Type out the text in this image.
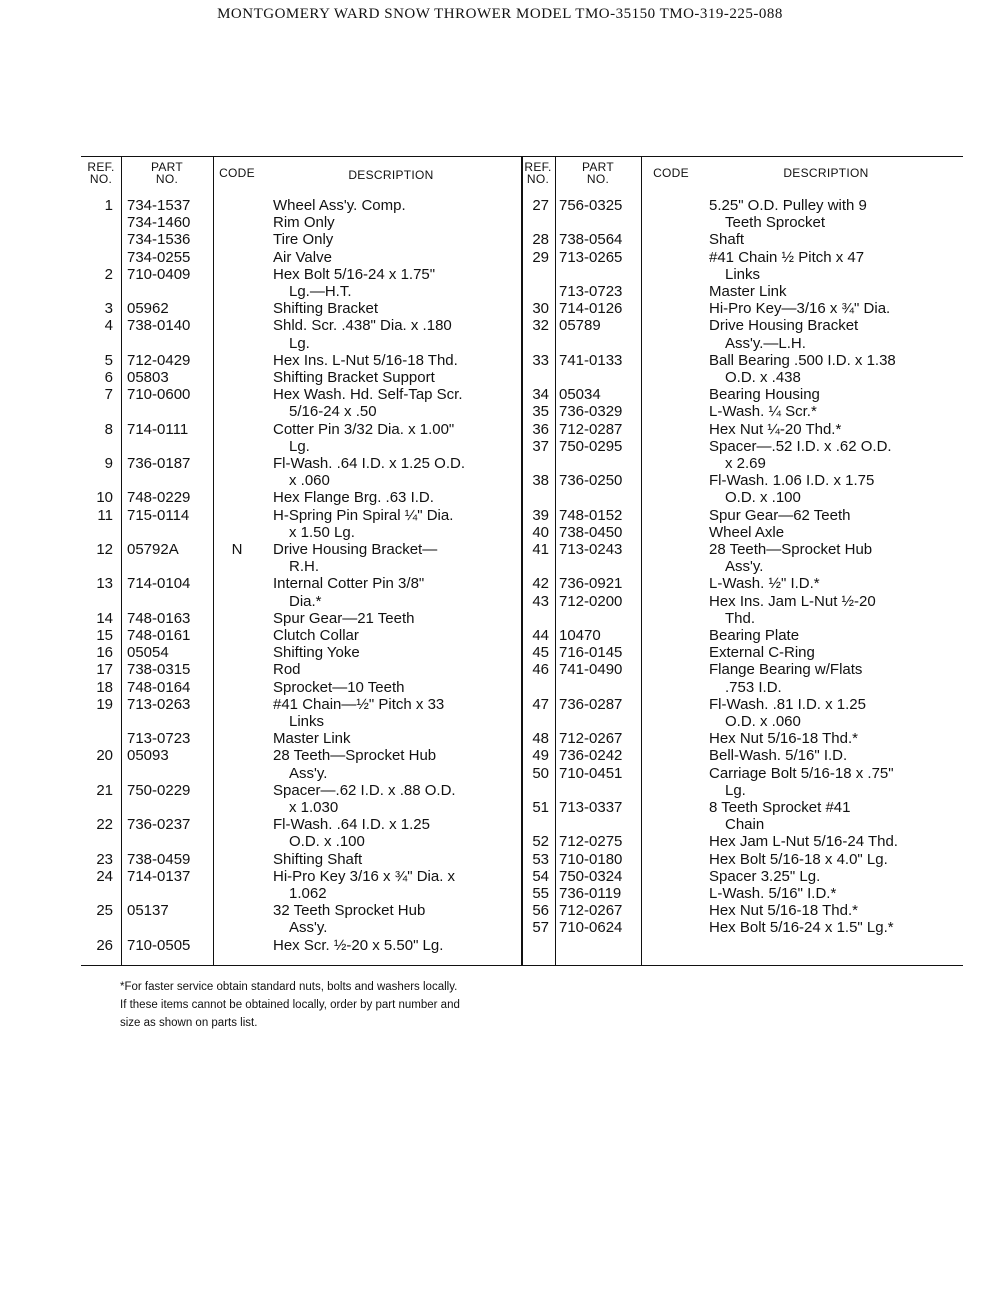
MONTGOMERY WARD SNOW THROWER MODEL TMO-35150 TMO-319-225-088
REF.
NO.
PART
NO.	CODE	DESCRIPTION
REF.
NO.
PART
NO.	CODE	DESCRIPTION
1 734-1537	Wheel Ass'y. Comp.
734-1460	Rim Only
734-1536	Tire Only
734-0255	Air Valve
2 710-0409	Hex Bolt 5/16-24 x 1.75"
Lg.—H.T.
3 05962	Shifting Bracket
4 738-0140	Shld. Scr. .438" Dia. x .180
Lg.
5 712-0429	Hex Ins. L-Nut 5/16-18 Thd.
6 05803	Shifting Bracket Support
7 710-0600	Hex Wash. Hd. Self-Tap Scr.
5/16-24 x .50
8 714-0111	Cotter Pin 3/32 Dia. x 1.00"
Lg.
9 736-0187	Fl-Wash. .64 I.D. x 1.25 O.D.
x .060
10 748-0229	Hex Flange Brg. .63 I.D.
11 715-0114	H-Spring Pin Spiral ¼" Dia.
x 1.50 Lg.
12 05792A	N	Drive Housing Bracket—
R.H.
13 714-0104	Internal Cotter Pin 3/8"
Dia.*
14 748-0163	Spur Gear—21 Teeth
15 748-0161	Clutch Collar
16 05054	Shifting Yoke
17 738-0315	Rod
18 748-0164	Sprocket—10 Teeth
19 713-0263	#41 Chain—½" Pitch x 33
Links
713-0723	Master Link
20 05093	28 Teeth—Sprocket Hub
Ass'y.
21 750-0229	Spacer—.62 I.D. x .88 O.D.
x 1.030
22 736-0237	Fl-Wash. .64 I.D. x 1.25
O.D. x .100
23 738-0459	Shifting Shaft
24 714-0137	Hi-Pro Key 3/16 x ¾" Dia. x
1.062
25 05137	32 Teeth Sprocket Hub
Ass'y.
26 710-0505	Hex Scr. ½-20 x 5.50" Lg.
27 756-0325	5.25" O.D. Pulley with 9
Teeth Sprocket
28 738-0564	Shaft
29 713-0265	#41 Chain ½ Pitch x 47
Links
713-0723	Master Link
30 714-0126	Hi-Pro Key—3/16 x ¾" Dia.
32 05789	Drive Housing Bracket
Ass'y.—L.H.
33 741-0133	Ball Bearing .500 I.D. x 1.38
O.D. x .438
34 05034	Bearing Housing
35 736-0329	L-Wash. ¼ Scr.*
36 712-0287	Hex Nut ¼-20 Thd.*
37 750-0295	Spacer—.52 I.D. x .62 O.D.
x 2.69
38 736-0250	Fl-Wash. 1.06 I.D. x 1.75
O.D. x .100
39 748-0152	Spur Gear—62 Teeth
40 738-0450	Wheel Axle
41 713-0243	28 Teeth—Sprocket Hub
Ass'y.
42 736-0921	L-Wash. ½" I.D.*
43 712-0200	Hex Ins. Jam L-Nut ½-20
Thd.
44 10470	Bearing Plate
45 716-0145	External C-Ring
46 741-0490	Flange Bearing w/Flats
.753 I.D.
47 736-0287	Fl-Wash. .81 I.D. x 1.25
O.D. x .060
48 712-0267	Hex Nut 5/16-18 Thd.*
49 736-0242	Bell-Wash. 5/16" I.D.
50 710-0451	Carriage Bolt 5/16-18 x .75"
Lg.
51 713-0337	8 Teeth Sprocket #41
Chain
52 712-0275	Hex Jam L-Nut 5/16-24 Thd.
53 710-0180	Hex Bolt 5/16-18 x 4.0" Lg.
54 750-0324	Spacer 3.25" Lg.
55 736-0119	L-Wash. 5/16" I.D.*
56 712-0267	Hex Nut 5/16-18 Thd.*
57 710-0624	Hex Bolt 5/16-24 x 1.5" Lg.*
*For faster service obtain standard nuts, bolts and washers locally.
If these items cannot be obtained locally, order by part number and
size as shown on parts list.
